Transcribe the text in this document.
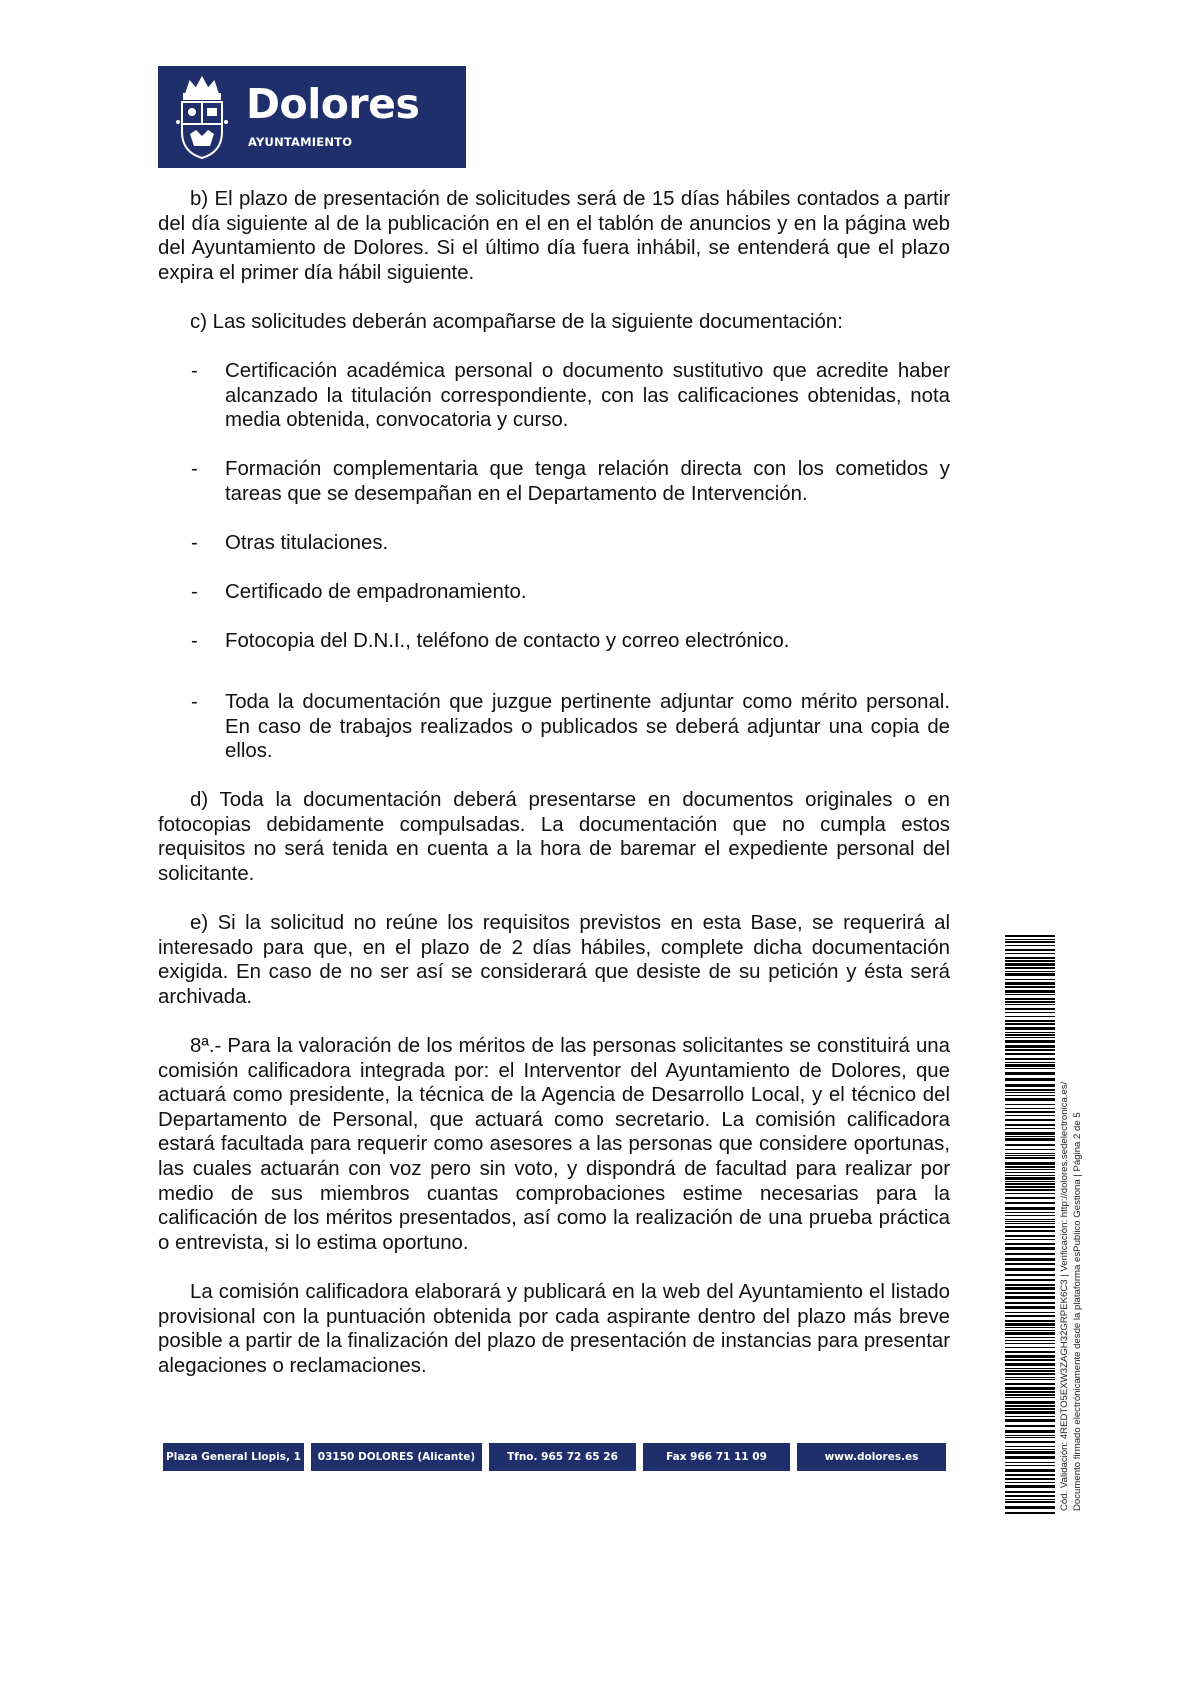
Dolores
AYUNTAMIENTO
b) El plazo de presentación de solicitudes será de 15 días hábiles contados a partir del día siguiente al de la publicación en el en el tablón de anuncios y en la página web del Ayuntamiento de Dolores. Si el último día fuera inhábil, se entenderá que el plazo expira el primer día hábil siguiente.
c) Las solicitudes deberán acompañarse de la siguiente documentación:
- Certificación académica personal o documento sustitutivo que acredite haber alcanzado la titulación correspondiente, con las calificaciones obtenidas, nota media obtenida, convocatoria y curso.
- Formación complementaria que tenga relación directa con los cometidos y tareas que se desempañan en el Departamento de Intervención.
- Otras titulaciones.
- Certificado de empadronamiento.
- Fotocopia del D.N.I., teléfono de contacto y correo electrónico.
- Toda la documentación que juzgue pertinente adjuntar como mérito personal. En caso de trabajos realizados o publicados se deberá adjuntar una copia de ellos.
d) Toda la documentación deberá presentarse en documentos originales o en fotocopias debidamente compulsadas. La documentación que no cumpla estos requisitos no será tenida en cuenta a la hora de baremar el expediente personal del solicitante.
e) Si la solicitud no reúne los requisitos previstos en esta Base, se requerirá al interesado para que, en el plazo de 2 días hábiles, complete dicha documentación exigida. En caso de no ser así se considerará que desiste de su petición y ésta será archivada.
8ª.- Para la valoración de los méritos de las personas solicitantes se constituirá una comisión calificadora integrada por: el Interventor del Ayuntamiento de Dolores, que actuará como presidente, la técnica de la Agencia de Desarrollo Local, y el técnico del Departamento de Personal, que actuará como secretario. La comisión calificadora estará facultada para requerir como asesores a las personas que considere oportunas, las cuales actuarán con voz pero sin voto, y dispondrá de facultad para realizar por medio de sus miembros cuantas comprobaciones estime necesarias para la calificación de los méritos presentados, así como la realización de una prueba práctica o entrevista, si lo estima oportuno.
La comisión calificadora elaborará y publicará en la web del Ayuntamiento el listado provisional con la puntuación obtenida por cada aspirante dentro del plazo más breve posible a partir de la finalización del plazo de presentación de instancias para presentar alegaciones o reclamaciones.
Plaza General Llopis, 1	03150 DOLORES (Alicante)	Tfno. 965 72 65 26	Fax 966 71 11 09	www.dolores.es	Cód. Validación: 4REDTO5EXW3ZAGH32GRPEK6C3 | Verificación: http://dolores.sedelectronica.es/ Documento firmado electrónicamente desde la plataforma esPublico Gestiona | Página 2 de 5
